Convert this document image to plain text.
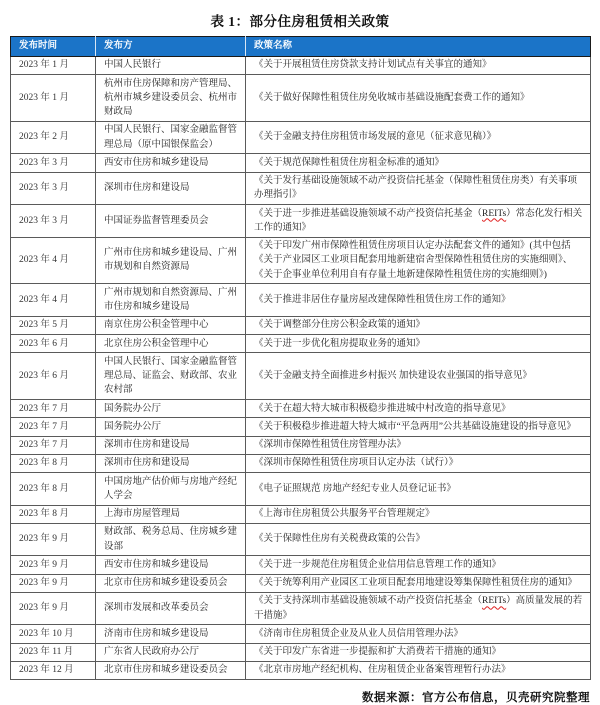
表 1：部分住房租赁相关政策
发布时间	发布方	政策名称
2023 年 1 月	中国人民银行	《关于开展租赁住房贷款支持计划试点有关事宜的通知》
2023 年 1 月	杭州市住房保障和房产管理局、杭州市城乡建设委员会、杭州市财政局	《关于做好保障性租赁住房免收城市基础设施配套费工作的通知》
2023 年 2 月	中国人民银行、国家金融监督管理总局（原中国银保监会）	《关于金融支持住房租赁市场发展的意见（征求意见稿）》
2023 年 3 月	西安市住房和城乡建设局	《关于规范保障性租赁住房租金标准的通知》
2023 年 3 月	深圳市住房和建设局	《关于发行基础设施领域不动产投资信托基金（保障性租赁住房类）有关事项办理指引》
2023 年 3 月	中国证券监督管理委员会	《关于进一步推进基础设施领域不动产投资信托基金（REITs）常态化发行相关工作的通知》
2023 年 4 月	广州市住房和城乡建设局、广州市规划和自然资源局	《关于印发广州市保障性租赁住房项目认定办法配套文件的通知》(其中包括《关于产业园区工业项目配套用地新建宿舍型保障性租赁住房的实施细则》、《关于企事业单位利用自有存量土地新建保障性租赁住房的实施细则》)
2023 年 4 月	广州市规划和自然资源局、广州市住房和城乡建设局	《关于推进非居住存量房屋改建保障性租赁住房工作的通知》
2023 年 5 月	南京住房公积金管理中心	《关于调整部分住房公积金政策的通知》
2023 年 6 月	北京住房公积金管理中心	《关于进一步优化租房提取业务的通知》
2023 年 6 月	中国人民银行、国家金融监督管理总局、证监会、财政部、农业农村部	《关于金融支持全面推进乡村振兴 加快建设农业强国的指导意见》
2023 年 7 月	国务院办公厅	《关于在超大特大城市积极稳步推进城中村改造的指导意见》
2023 年 7 月	国务院办公厅	《关于积极稳步推进超大特大城市“平急两用”公共基础设施建设的指导意见》
2023 年 7 月	深圳市住房和建设局	《深圳市保障性租赁住房管理办法》
2023 年 8 月	深圳市住房和建设局	《深圳市保障性租赁住房项目认定办法（试行）》
2023 年 8 月	中国房地产估价师与房地产经纪人学会	《电子证照规范 房地产经纪专业人员登记证书》
2023 年 8 月	上海市房屋管理局	《上海市住房租赁公共服务平台管理规定》
2023 年 9 月	财政部、税务总局、住房城乡建设部	《关于保障性住房有关税费政策的公告》
2023 年 9 月	西安市住房和城乡建设局	《关于进一步规范住房租赁企业信用信息管理工作的通知》
2023 年 9 月	北京市住房和城乡建设委员会	《关于统筹利用产业园区工业项目配套用地建设筹集保障性租赁住房的通知》
2023 年 9 月	深圳市发展和改革委员会	《关于支持深圳市基础设施领域不动产投资信托基金（REITs）高质量发展的若干措施》
2023 年 10 月	济南市住房和城乡建设局	《济南市住房租赁企业及从业人员信用管理办法》
2023 年 11 月	广东省人民政府办公厅	《关于印发广东省进一步提振和扩大消费若干措施的通知》
2023 年 12 月	北京市住房和城乡建设委员会	《北京市房地产经纪机构、住房租赁企业备案管理暂行办法》
数据来源：官方公布信息，贝壳研究院整理
